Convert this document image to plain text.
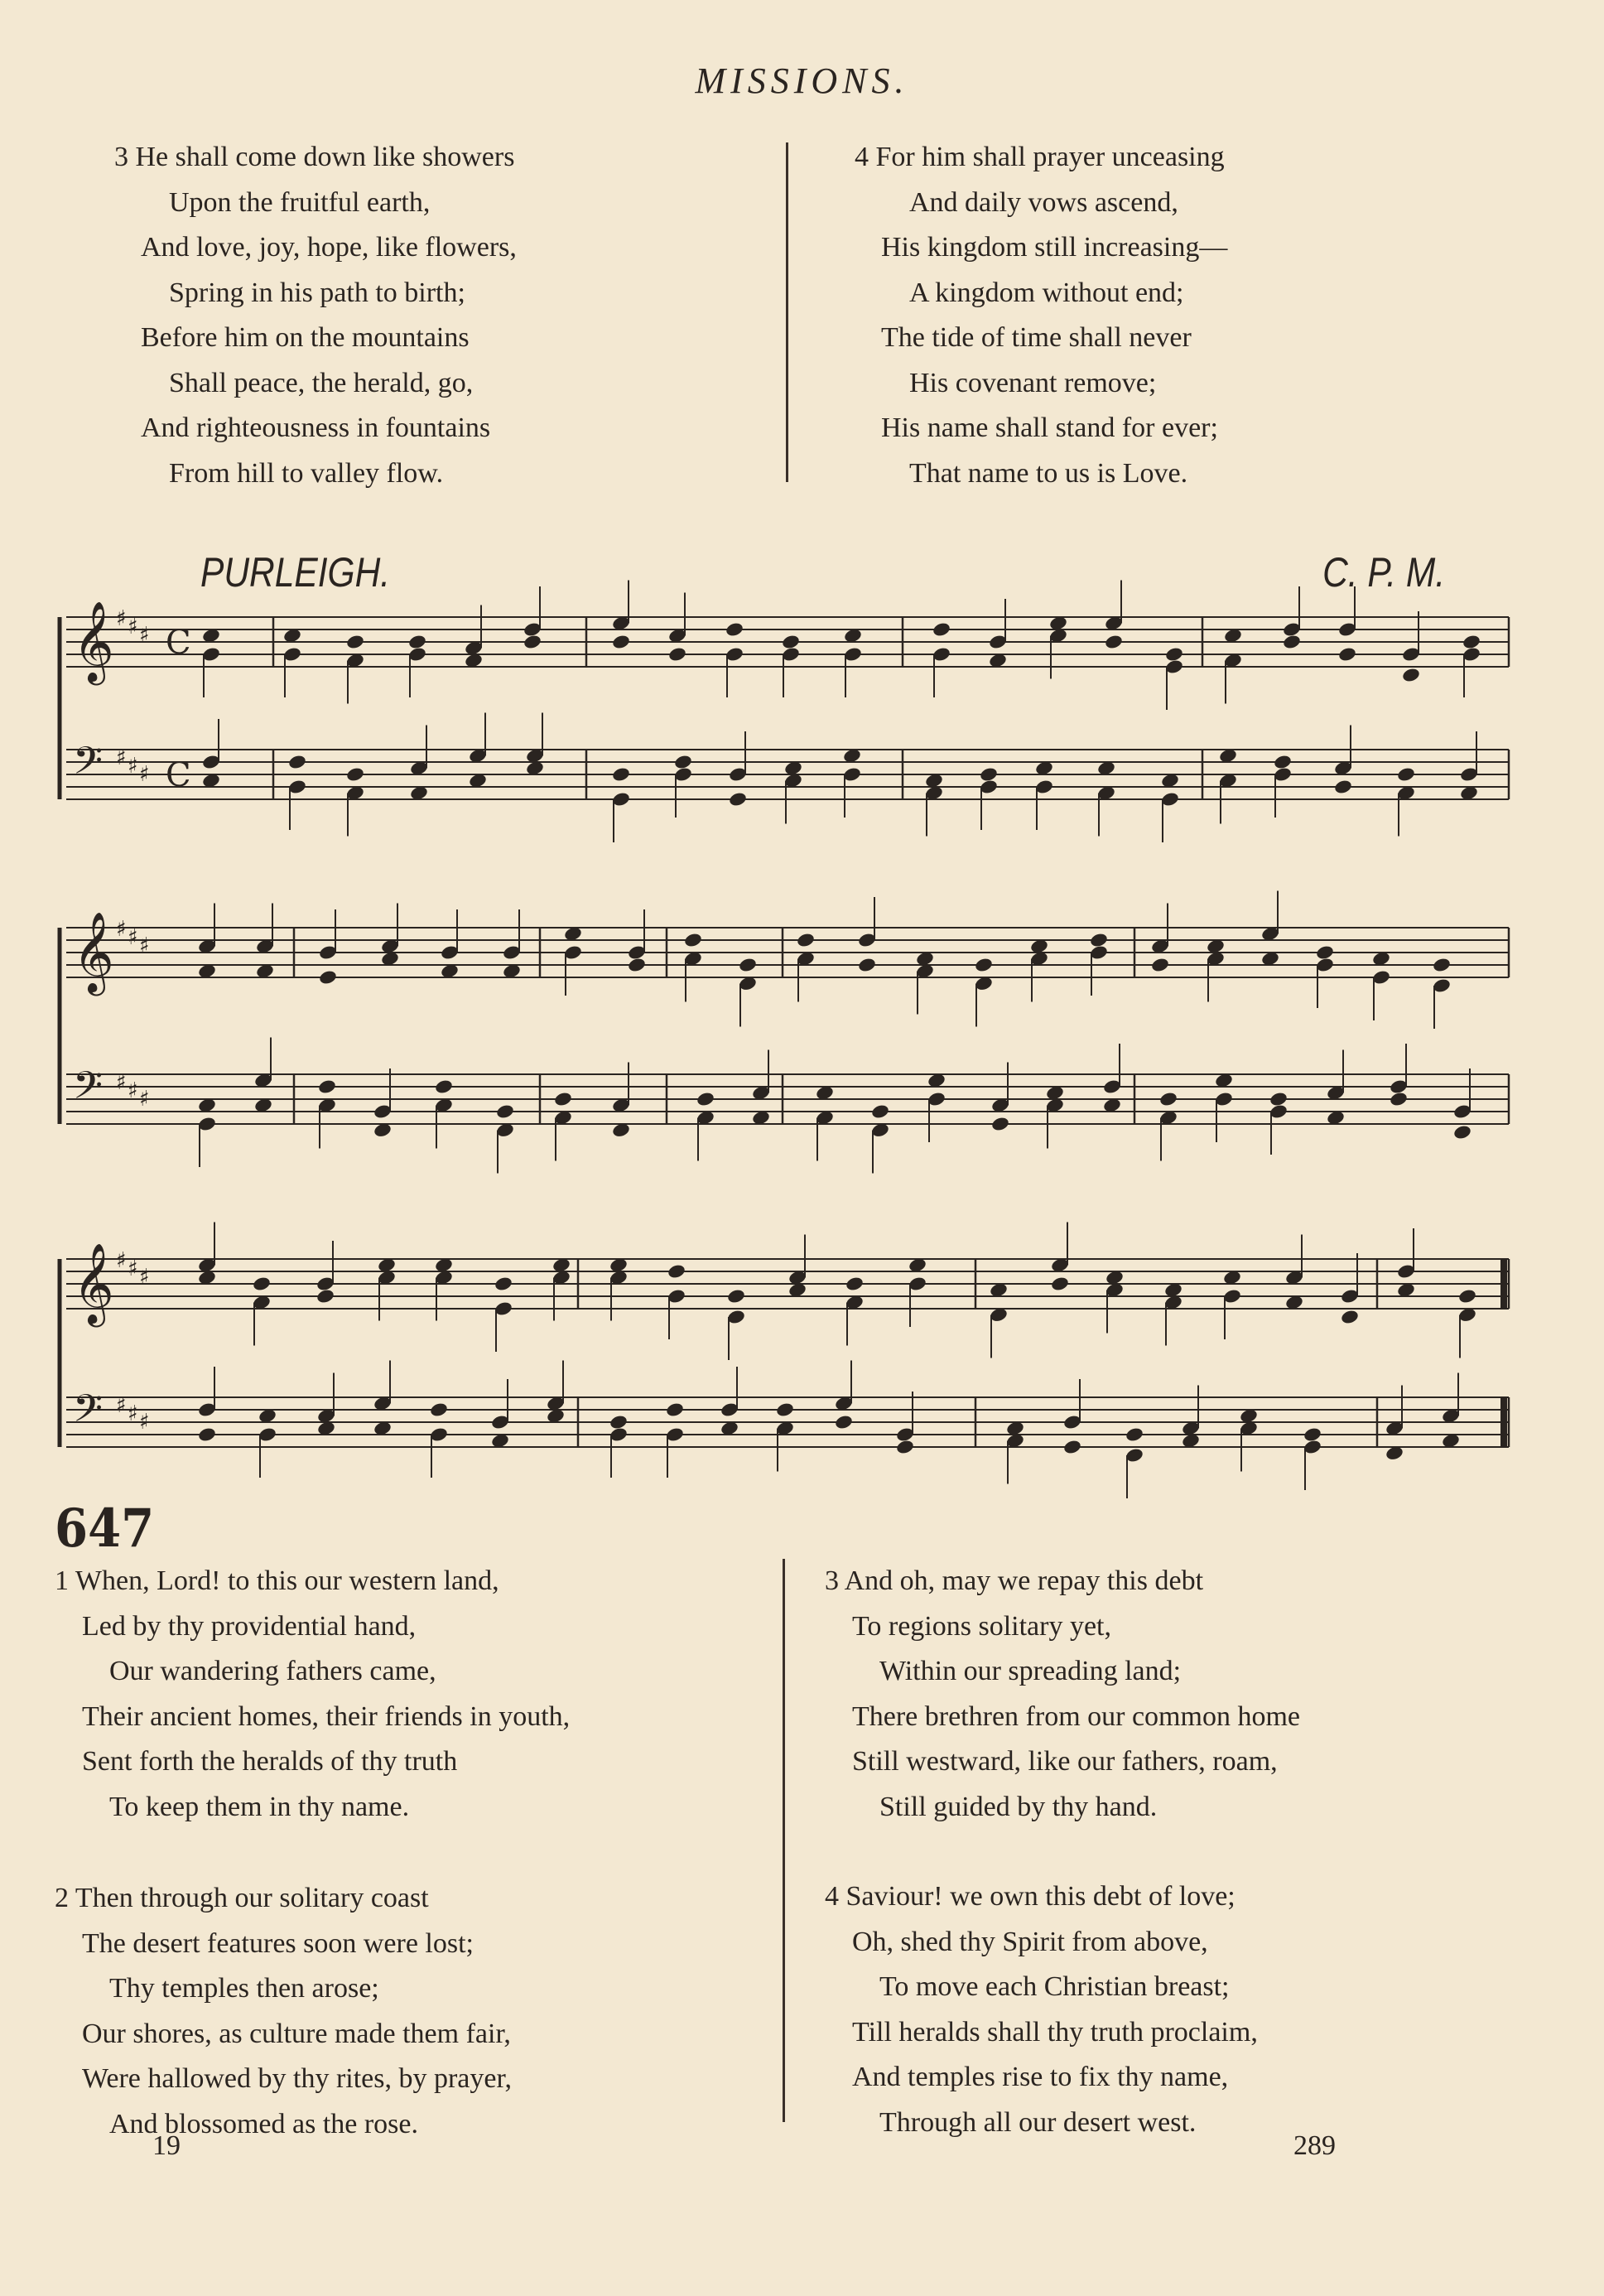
MISSIONS.
3 He shall come down like showers
Upon the fruitful earth,
And love, joy, hope, like flowers,
Spring in his path to birth;
Before him on the mountains
Shall peace, the herald, go,
And righteousness in fountains
From hill to valley flow.
4 For him shall prayer unceasing
And daily vows ascend,
His kingdom still increasing—
A kingdom without end;
The tide of time shall never
His covenant remove;
His name shall stand for ever;
That name to us is Love.
PURLEIGH.	C. P. M.
𝄞 ♯ ♯ ♯ C
𝄢 ♯ ♯ ♯ C
𝄞 ♯ ♯ ♯
𝄢 ♯ ♯ ♯
𝄞 ♯ ♯ ♯
𝄢 ♯ ♯ ♯
647
1 When, Lord! to this our western land,
Led by thy providential hand,
Our wandering fathers came,
Their ancient homes, their friends in youth,
Sent forth the heralds of thy truth
To keep them in thy name.
2 Then through our solitary coast
The desert features soon were lost;
Thy temples then arose;
Our shores, as culture made them fair,
Were hallowed by thy rites, by prayer,
And blossomed as the rose.
3 And oh, may we repay this debt
To regions solitary yet,
Within our spreading land;
There brethren from our common home
Still westward, like our fathers, roam,
Still guided by thy hand.
4 Saviour! we own this debt of love;
Oh, shed thy Spirit from above,
To move each Christian breast;
Till heralds shall thy truth proclaim,
And temples rise to fix thy name,
Through all our desert west.
19	289
